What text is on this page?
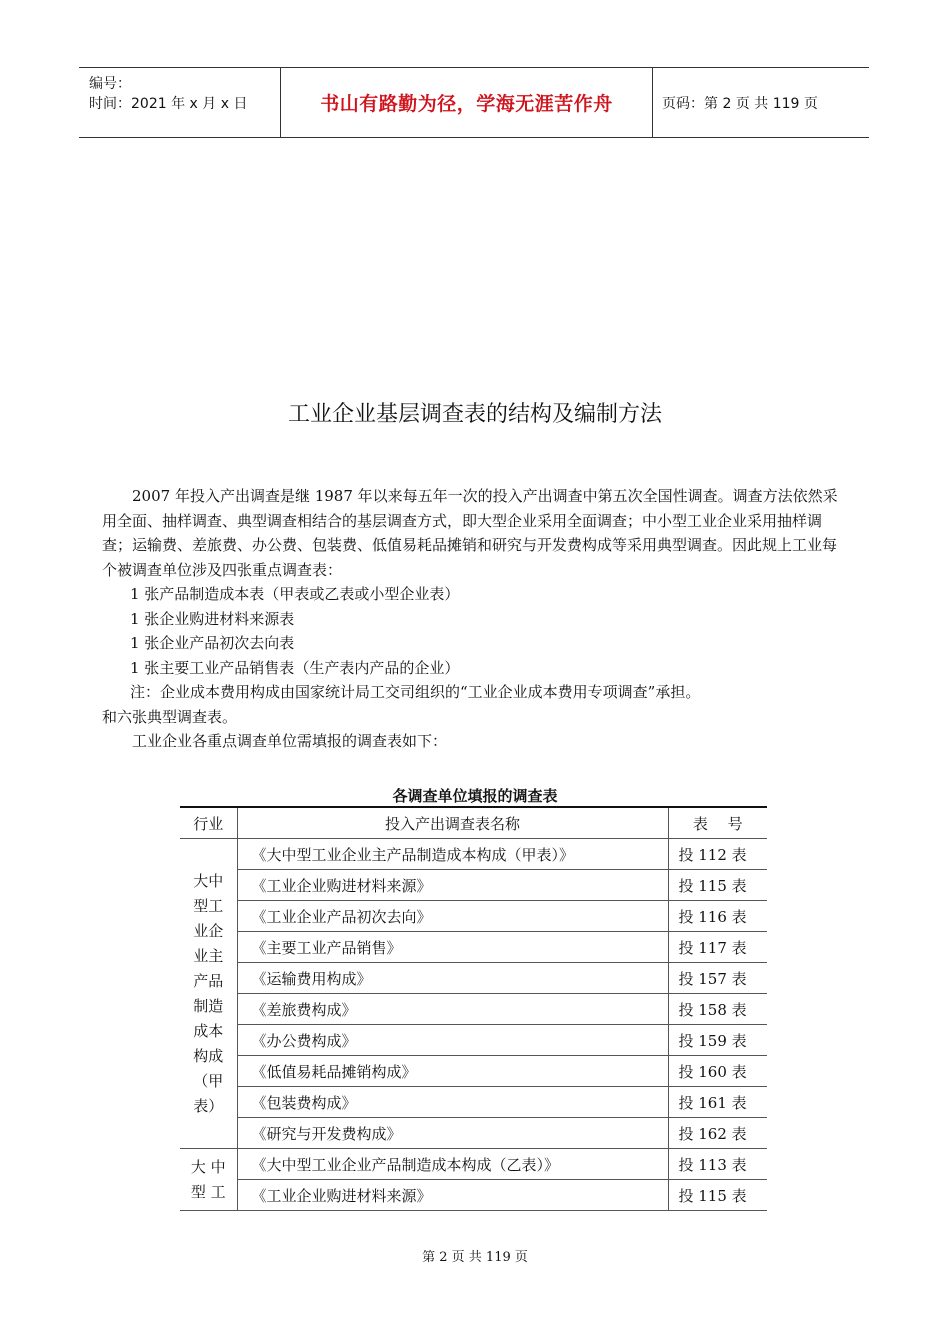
编号：
时间：2021 年 x 月 x 日	书山有路勤为径，学海无涯苦作舟	页码：第 2 页 共 119 页
工业企业基层调查表的结构及编制方法

2007 年投入产出调查是继 1987 年以来每五年一次的投入产出调查中第五次全国性调查。调查方法依然采用全面、抽样调查、典型调查相结合的基层调查方式，即大型企业采用全面调查；中小型工业企业采用抽样调查；运输费、差旅费、办公费、包装费、低值易耗品摊销和研究与开发费构成等采用典型调查。因此规上工业每个被调查单位涉及四张重点调查表：

1 张产品制造成本表（甲表或乙表或小型企业表）

1 张企业购进材料来源表

1 张企业产品初次去向表

1 张主要工业产品销售表（生产表内产品的企业）

注：企业成本费用构成由国家统计局工交司组织的“工业企业成本费用专项调查”承担。

和六张典型调查表。

工业企业各重点调查单位需填报的调查表如下：

各调查单位填报的调查表
行业	投入产出调查表名称	表　 号
大中型工业企业主产品制造成本构成（甲表）	《大中型工业企业主产品制造成本构成（甲表）》	投 112 表
	《工业企业购进材料来源》	投 115 表
	《工业企业产品初次去向》	投 116 表
	《主要工业产品销售》	投 117 表
	《运输费用构成》	投 157 表
	《差旅费构成》	投 158 表
	《办公费构成》	投 159 表
	《低值易耗品摊销构成》	投 160 表
	《包装费构成》	投 161 表
	《研究与开发费构成》	投 162 表
大 中 型 工	《大中型工业企业产品制造成本构成（乙表）》	投 113 表
	《工业企业购进材料来源》	投 115 表
第 2 页 共 119 页
